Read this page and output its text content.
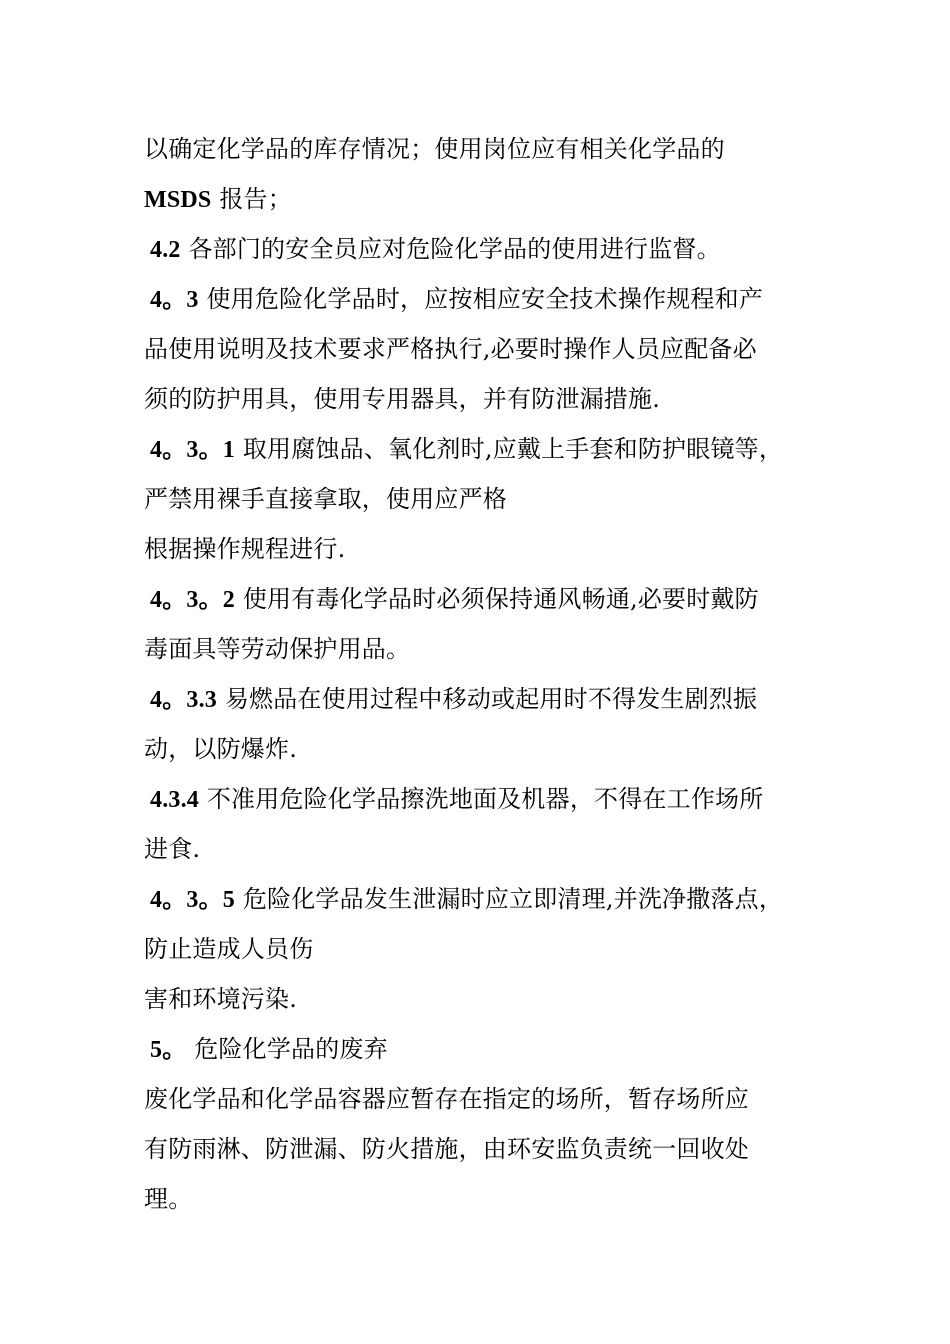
以确定化学品的库存情况；使用岗位应有相关化学品的
MSDS 报告；
4.2 各部门的安全员应对危险化学品的使用进行监督。
4。3 使用危险化学品时，应按相应安全技术操作规程和产
品使用说明及技术要求严格执行,必要时操作人员应配备必
须的防护用具，使用专用器具，并有防泄漏措施.
4。3。1 取用腐蚀品、氧化剂时,应戴上手套和防护眼镜等，
严禁用裸手直接拿取，使用应严格
根据操作规程进行.
4。3。2 使用有毒化学品时必须保持通风畅通,必要时戴防
毒面具等劳动保护用品。
4。3.3 易燃品在使用过程中移动或起用时不得发生剧烈振
动，以防爆炸.
4.3.4 不准用危险化学品擦洗地面及机器，不得在工作场所
进食.
4。3。5 危险化学品发生泄漏时应立即清理,并洗净撒落点，
防止造成人员伤
害和环境污染.
5。 危险化学品的废弃
废化学品和化学品容器应暂存在指定的场所，暂存场所应
有防雨淋、防泄漏、防火措施，由环安监负责统一回收处
理。
